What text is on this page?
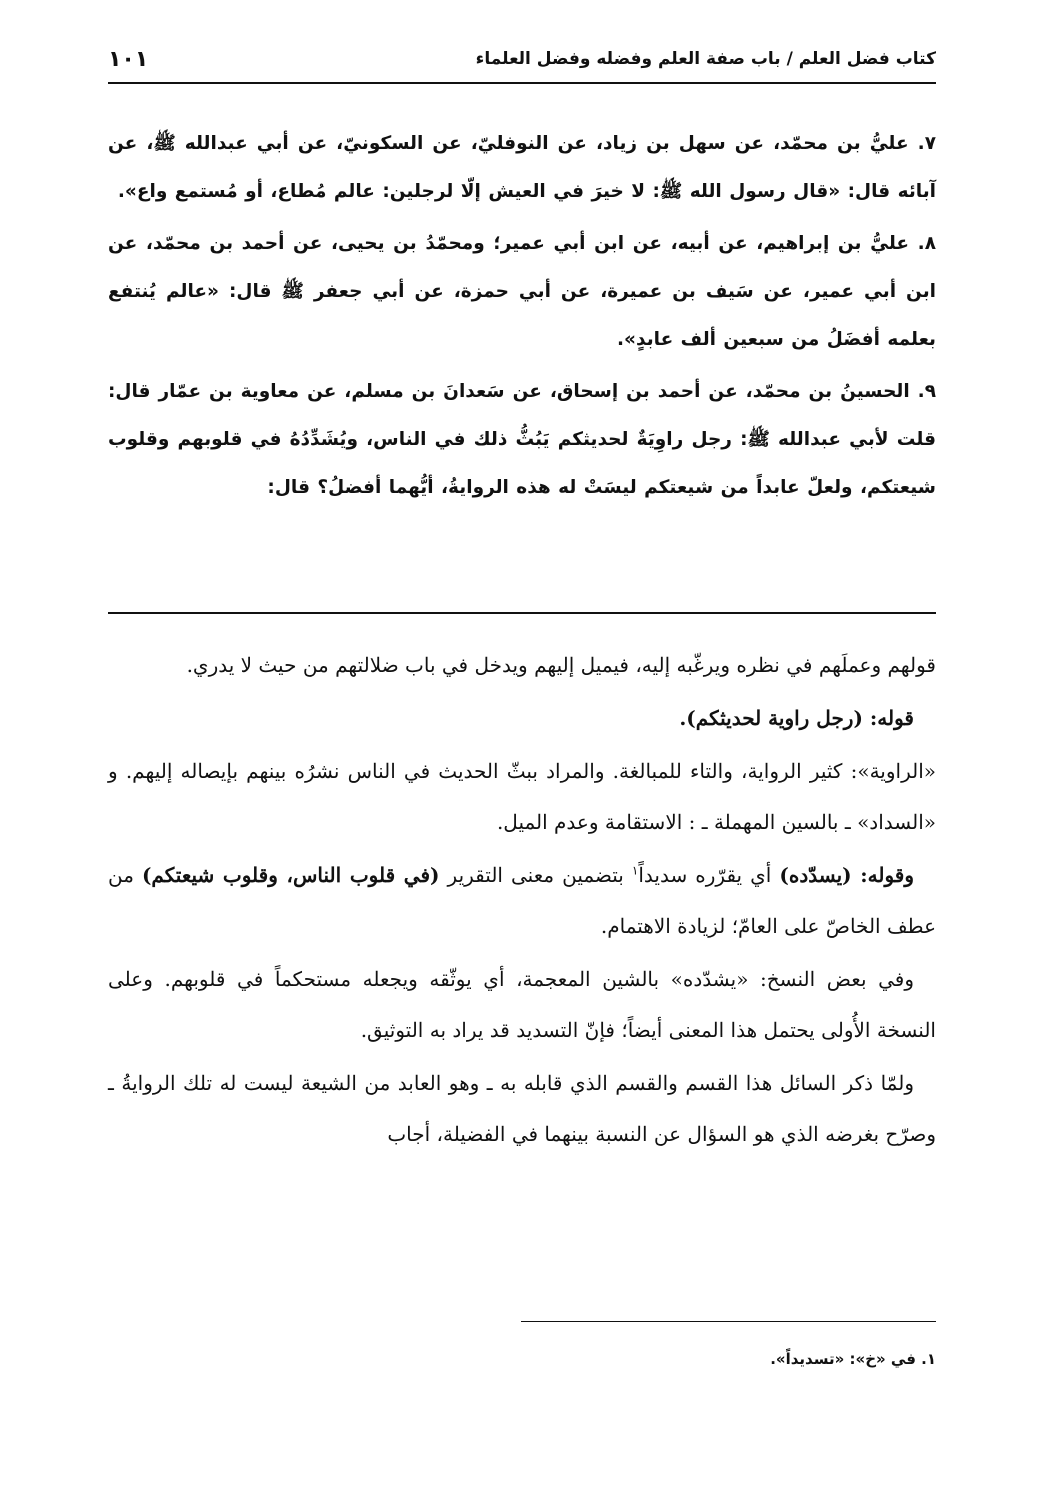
كتاب فضل العلم / باب صفة العلم وفضله وفضل العلماء
١٠١

٧. عليُّ بن محمّد، عن سهل بن زياد، عن النوفليّ، عن السكونيّ، عن أبي عبدالله ﷺ، عن آبائه قال: «قال رسول الله ﷺ: لا خيرَ في العيش إلّا لرجلين: عالم مُطاع، أو مُستمع واع».

٨. عليُّ بن إبراهيم، عن أبيه، عن ابن أبي عمير؛ ومحمّدُ بن يحيى، عن أحمد بن محمّد، عن ابن أبي عمير، عن سَيف بن عميرة، عن أبي حمزة، عن أبي جعفر ﷺ قال: «عالم يُنتفع بعلمه أفضَلُ من سبعين ألف عابدٍ».

٩. الحسينُ بن محمّد، عن أحمد بن إسحاق، عن سَعدانَ بن مسلم، عن معاوية بن عمّار قال: قلت لأبي عبدالله ﷺ: رجل راوِيَةٌ لحديثكم يَبُثُّ ذلك في الناس، ويُشَدِّدُهُ في قلوبهم وقلوب شيعتكم، ولعلّ عابداً من شيعتكم ليسَتْ له هذه الروايةُ، أيُّهما أفضلُ؟ قال:

قولهم وعملَهم في نظره ويرغّبه إليه، فيميل إليهم ويدخل في باب ضلالتهم من حيث لا يدري.

قوله: (رجل راوية لحديثكم).

«الراوية»: كثير الرواية، والتاء للمبالغة. والمراد ببثّ الحديث في الناس نشرُه بينهم بإيصاله إليهم. و «السداد» ـ بالسين المهملة ـ : الاستقامة وعدم الميل.

وقوله: (يسدّده) أي يقرّره سديداً$^١$ بتضمين معنى التقرير (في قلوب الناس، وقلوب شيعتكم) من عطف الخاصّ على العامّ؛ لزيادة الاهتمام.

وفي بعض النسخ: «يشدّده» بالشين المعجمة، أي يوثّقه ويجعله مستحكماً في قلوبهم. وعلى النسخة الأُولى يحتمل هذا المعنى أيضاً؛ فإنّ التسديد قد يراد به التوثيق.

ولمّا ذكر السائل هذا القسم والقسم الذي قابله به ـ وهو العابد من الشيعة ليست له تلك الروايةُ ـ وصرّح بغرضه الذي هو السؤال عن النسبة بينهما في الفضيلة، أجاب

١. في «خ»: «تسديداً».
